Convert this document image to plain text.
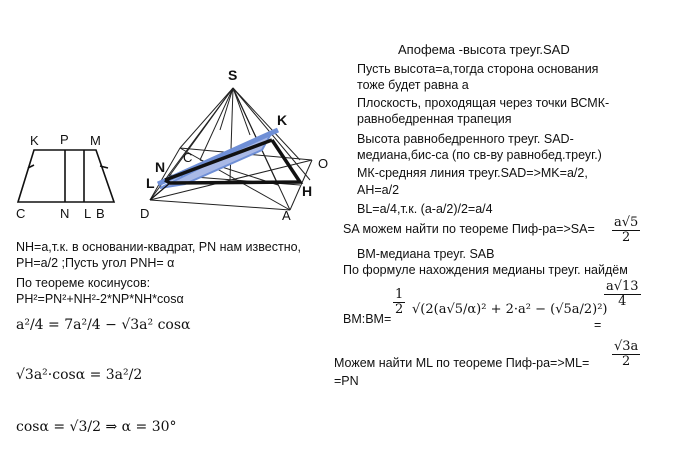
K P M
C	N L B
S
K
N
C
L
O
H
D	A
Апофема -высота треуг.SAD
Пусть высота=a,тогда сторона основания
тоже будет равна а
Плоскость, проходящая через точки ВСМК-
равнобедренная трапеция
Высота равнобедренного треуг. SAD-
медиана,бис-са (по св-ву равнобед.треуг.)
МК-средняя линия треуг.SAD=>MK=a/2,
AH=a/2
BL=a/4,т.к. (a-a/2)/2=a/4
SA можем найти по теореме $Пиф-ра=>SA= \frac{a√5}{2}$
BM-медиана треуг. SAB
По формуле нахождения медианы треуг. найдём
BM:BM=
$\frac{1}{2} √(2(a√5/\alpha)^2 + 2\cdot a^2 - (√5a/2)^2)$
=
$\frac{a√13}{4}$
Можем найти ML по теореме $Пиф-ра=>ML= \frac{√3a}{2}$
=PN
NH=a,т.к. в основании-квадрат, PN нам известно,
PH=a/2 ;Пусть угол PNH= α
По теореме косинусов:
PH²=PN²+NH²-2*NP*NH*cosα
a²/4 = 7a²/4 − √3a² cosα
√3a²·cosα = 3a²/2
cosα = √3/2 ⇒ α = 30°
